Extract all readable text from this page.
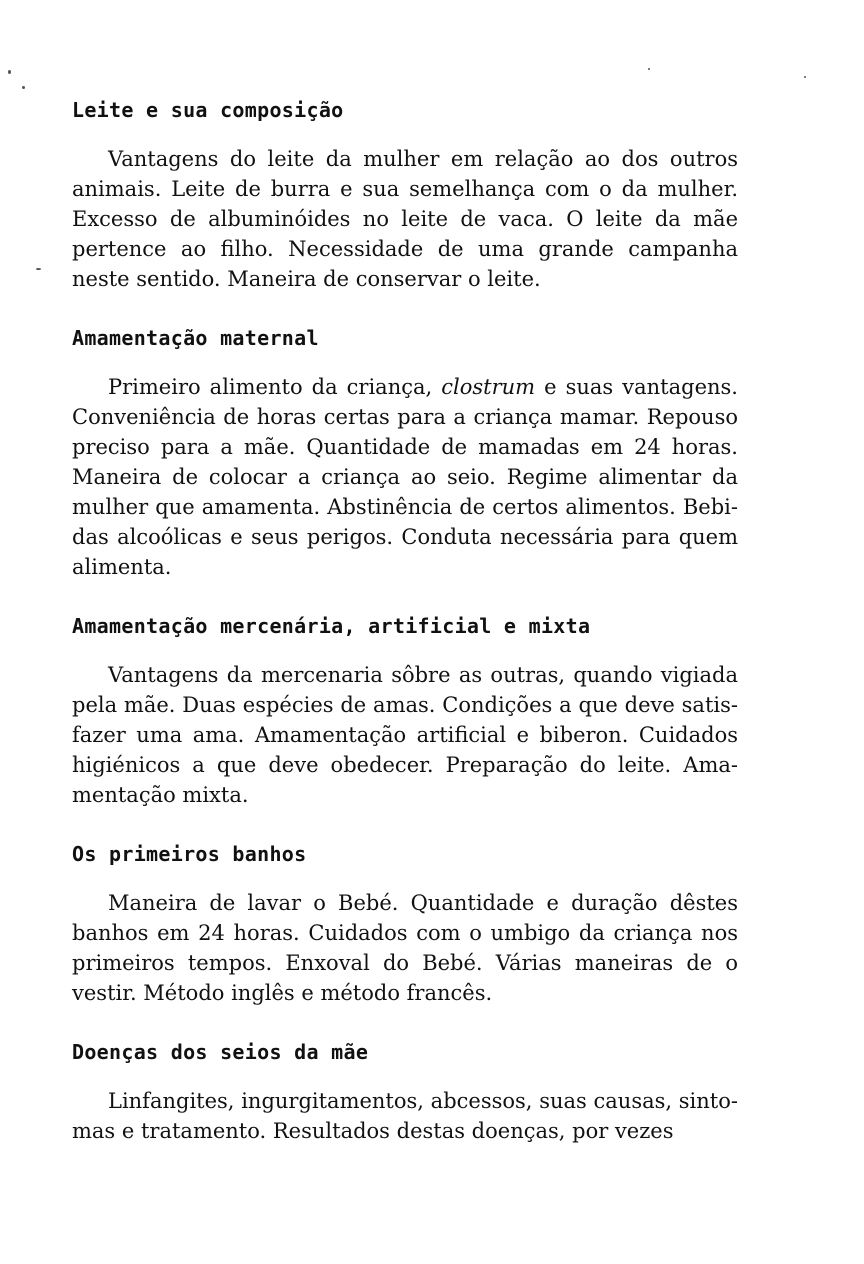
Leite e sua composição

Vantagens do leite da mulher em relação ao dos outros animais. Leite de burra e sua semelhança com o da mulher. Excesso de albuminóides no leite de vaca. O leite da mãe pertence ao filho. Necessidade de uma grande campanha neste sentido. Maneira de conservar o leite.

Amamentação maternal

Primeiro alimento da criança, clostrum e suas vantagens. Conveniência de horas certas para a criança mamar. Repouso preciso para a mãe. Quantidade de mamadas em 24 horas. Maneira de colocar a criança ao seio. Regime alimentar da mulher que amamenta. Abstinência de certos alimentos. Bebidas alcoólicas e seus perigos. Conduta necessária para quem alimenta.

Amamentação mercenária, artificial e mixta

Vantagens da mercenaria sôbre as outras, quando vigiada pela mãe. Duas espécies de amas. Condições a que deve satisfazer uma ama. Amamentação artificial e biberon. Cuidados higiénicos a que deve obedecer. Preparação do leite. Amamentação mixta.

Os primeiros banhos

Maneira de lavar o Bebé. Quantidade e duração dêstes banhos em 24 horas. Cuidados com o umbigo da criança nos primeiros tempos. Enxoval do Bebé. Várias maneiras de o vestir. Método inglês e método francês.

Doenças dos seios da mãe

Linfangites, ingurgitamentos, abcessos, suas causas, sintomas e tratamento. Resultados destas doenças, por vezes
